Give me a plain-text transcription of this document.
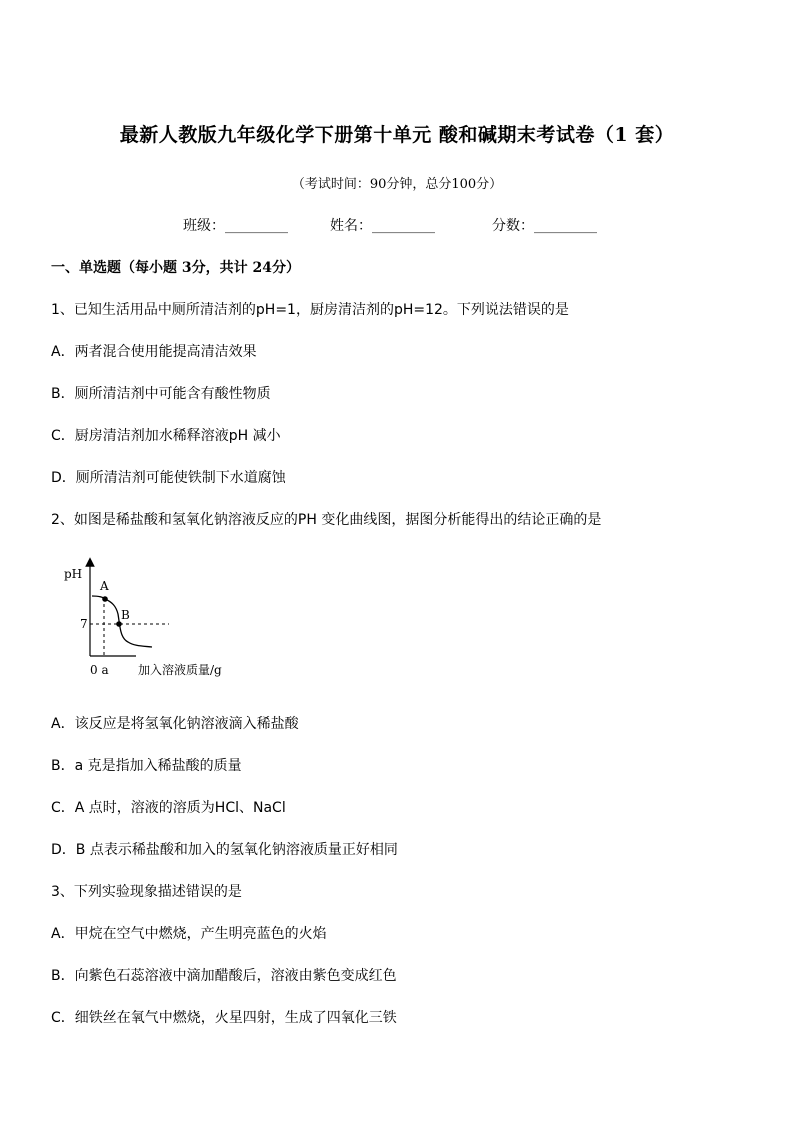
最新人教版九年级化学下册第十单元 酸和碱期末考试卷（1 套）
（考试时间：90分钟，总分100分）
班级：_________	姓名：_________	分数：_________
一、单选题（每小题 3分，共计 24分）
1、已知生活用品中厕所清洁剂的pH=1，厨房清洁剂的pH=12。下列说法错误的是
A．两者混合使用能提高清洁效果
B．厕所清洁剂中可能含有酸性物质
C．厨房清洁剂加水稀释溶液pH 减小
D．厕所清洁剂可能使铁制下水道腐蚀
2、如图是稀盐酸和氢氧化钠溶液反应的PH 变化曲线图，据图分析能得出的结论正确的是
pH
A
B
7
0 a 加入溶液质量/g
A．该反应是将氢氧化钠溶液滴入稀盐酸
B．a 克是指加入稀盐酸的质量
C．A 点时，溶液的溶质为HCl、NaCl
D．B 点表示稀盐酸和加入的氢氧化钠溶液质量正好相同
3、下列实验现象描述错误的是
A．甲烷在空气中燃烧，产生明亮蓝色的火焰
B．向紫色石蕊溶液中滴加醋酸后，溶液由紫色变成红色
C．细铁丝在氧气中燃烧，火星四射，生成了四氧化三铁
